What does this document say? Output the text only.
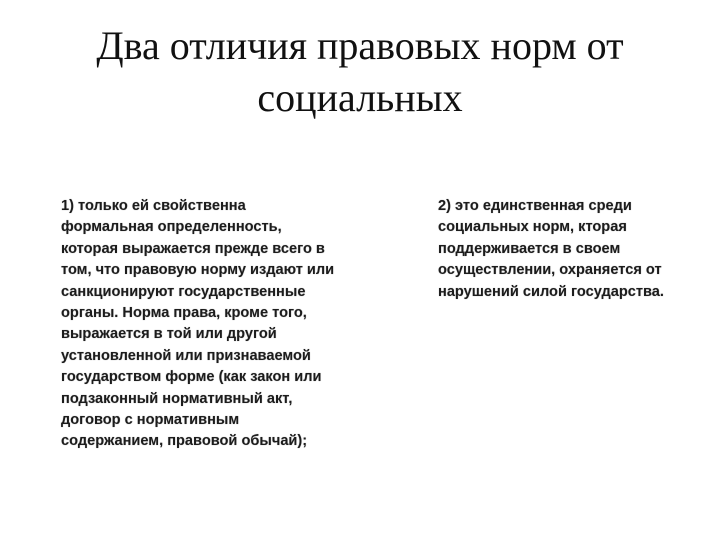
Два отличия правовых норм от
социальных
1) только ей свойственна
формальная определенность,
которая выражается прежде всего в
том, что правовую норму издают или
санкционируют государственные
органы. Норма права, кроме того,
выражается в той или другой
установленной или признаваемой
государством форме (как закон или
подзаконный нормативный акт,
договор с нормативным
содержанием, правовой обычай);
2) это единственная среди
социальных норм, кторая
поддерживается в своем
осуществлении, охраняется от
нарушений силой государства.
